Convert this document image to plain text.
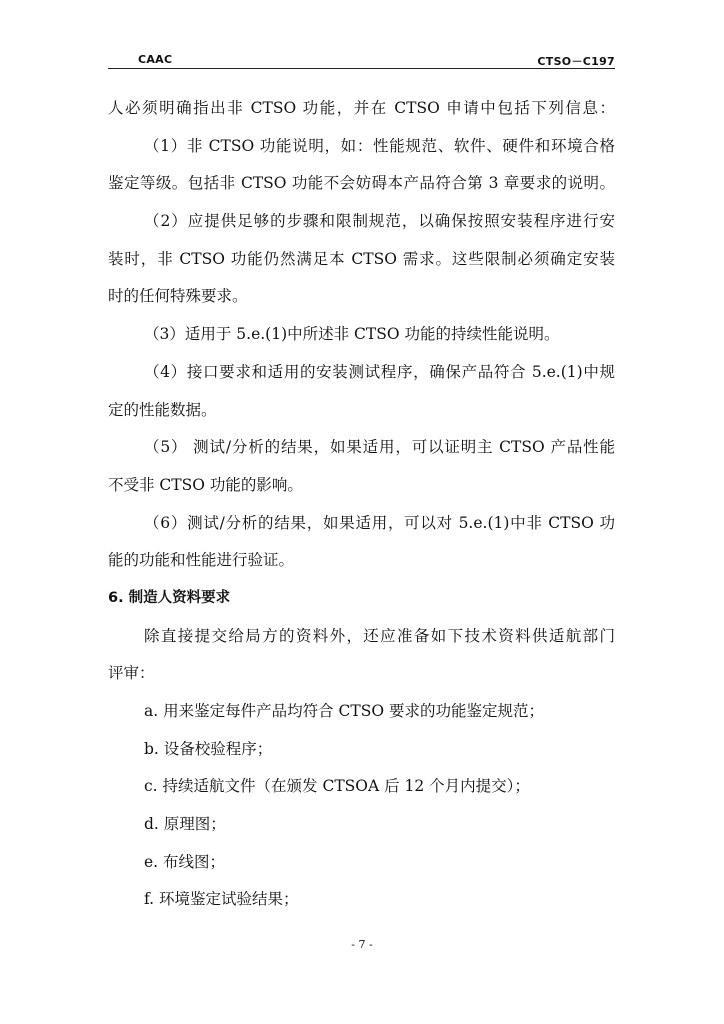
CAAC	CTSO－C197
人必须明确指出非 CTSO 功能，并在 CTSO 申请中包括下列信息：
（1）非 CTSO 功能说明，如：性能规范、软件、硬件和环境合格
鉴定等级。包括非 CTSO 功能不会妨碍本产品符合第 3 章要求的说明。
（2）应提供足够的步骤和限制规范，以确保按照安装程序进行安
装时，非 CTSO 功能仍然满足本 CTSO 需求。这些限制必须确定安装
时的任何特殊要求。
（3）适用于 5.e.(1)中所述非 CTSO 功能的持续性能说明。
（4）接口要求和适用的安装测试程序，确保产品符合 5.e.(1)中规
定的性能数据。
（5） 测试/分析的结果，如果适用，可以证明主 CTSO 产品性能
不受非 CTSO 功能的影响。
（6）测试/分析的结果，如果适用，可以对 5.e.(1)中非 CTSO 功
能的功能和性能进行验证。
6. 制造人资料要求
除直接提交给局方的资料外，还应准备如下技术资料供适航部门
评审：
a. 用来鉴定每件产品均符合 CTSO 要求的功能鉴定规范；
b. 设备校验程序；
c. 持续适航文件（在颁发 CTSOA 后 12 个月内提交）；
d. 原理图；
e. 布线图；
f. 环境鉴定试验结果；
- 7 -
